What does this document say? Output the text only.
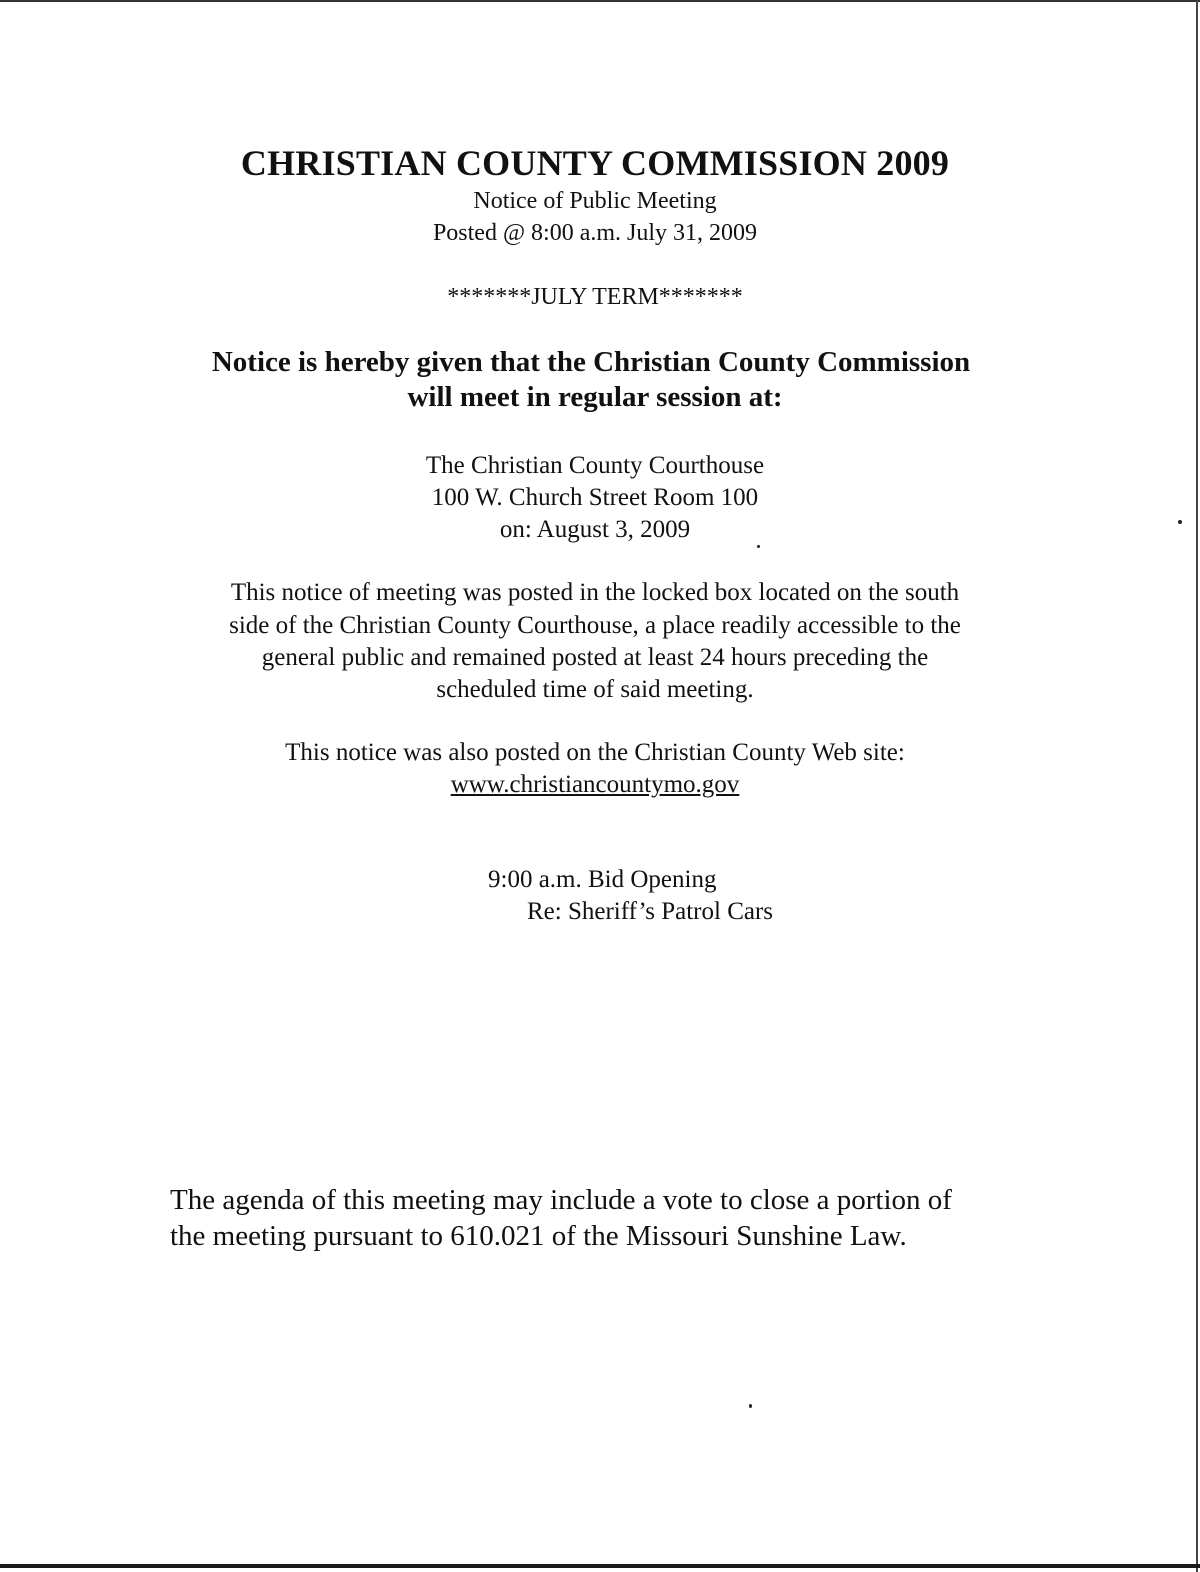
CHRISTIAN COUNTY COMMISSION 2009
Notice of Public Meeting
Posted @ 8:00 a.m. July 31, 2009
*******JULY TERM*******
Notice is hereby given that the Christian County Commission
will meet in regular session at:
The Christian County Courthouse
100 W. Church Street Room 100
on: August 3, 2009
This notice of meeting was posted in the locked box located on the south
side of the Christian County Courthouse, a place readily accessible to the
general public and remained posted at least 24 hours preceding the
scheduled time of said meeting.
This notice was also posted on the Christian County Web site:
www.christiancountymo.gov
9:00 a.m. Bid Opening
Re: Sheriff’s Patrol Cars
The agenda of this meeting may include a vote to close a portion of
the meeting pursuant to 610.021 of the Missouri Sunshine Law.
